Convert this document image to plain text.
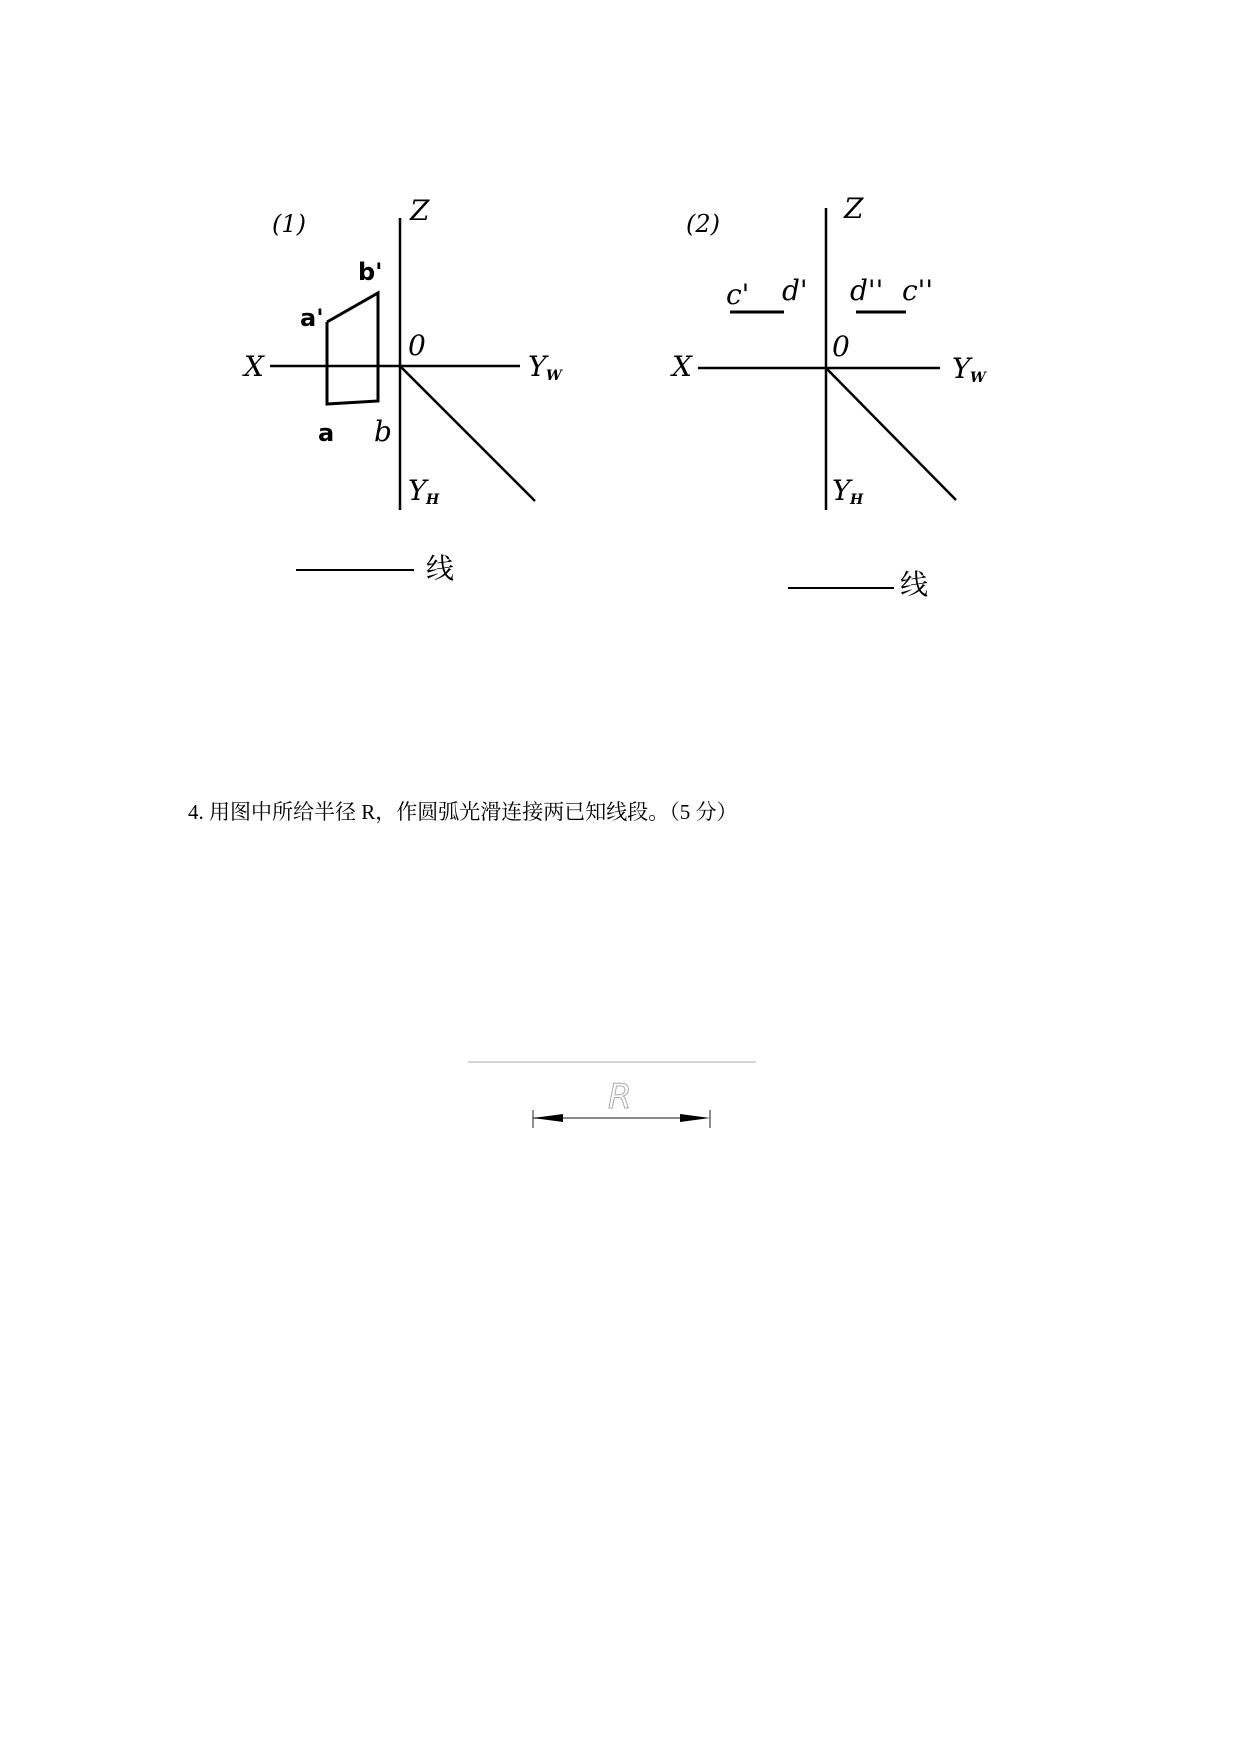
(1)	Z
X
0
Y W
Y H
a'
b'
a b
线
(2)	Z
X
0
Y W
Y H
c' d' d'' c''
线
4. 用图中所给半径 R，作圆弧光滑连接两已知线段。（5 分）
R
